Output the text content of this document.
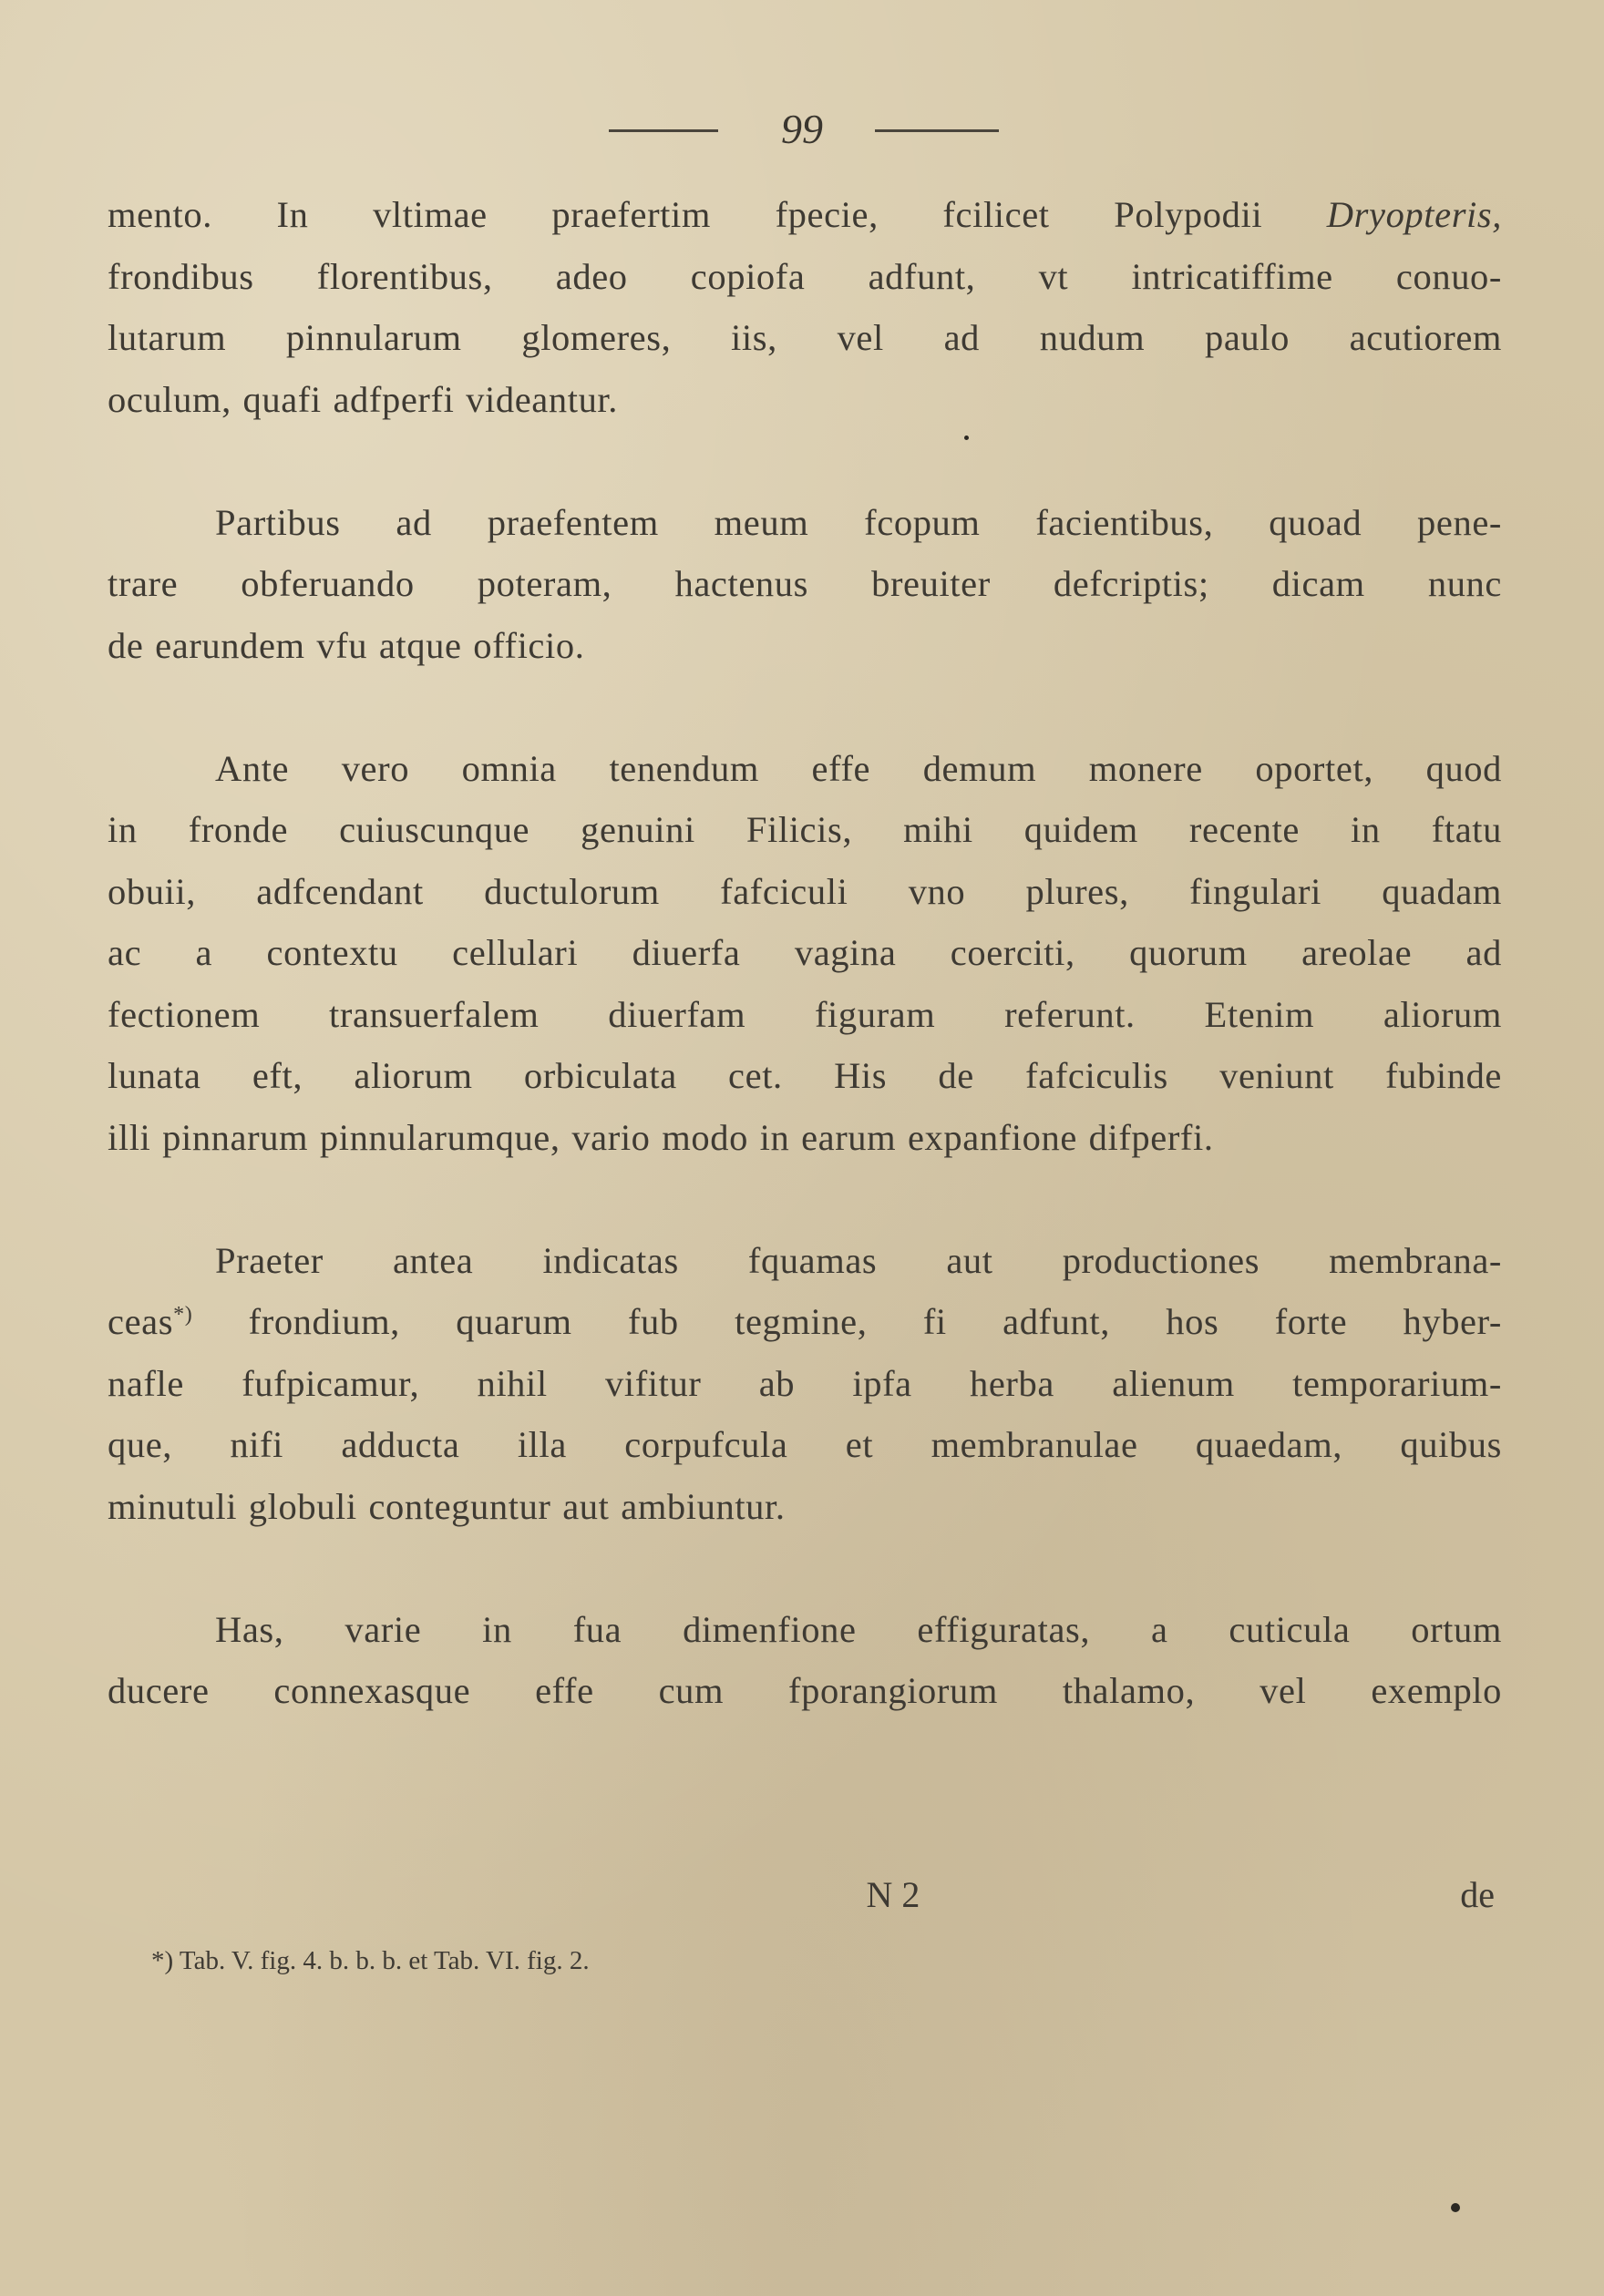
99
mento. In vltimae praefertim fpecie, fcilicet Polypodii Dryopteris,
frondibus florentibus, adeo copiofa adfunt, vt intricatiffime conuo-
lutarum pinnularum glomeres, iis, vel ad nudum paulo acutiorem
oculum, quafi adfperfi videantur.
Partibus ad praefentem meum fcopum facientibus, quoad pene-
trare obferuando poteram, hactenus breuiter defcriptis; dicam nunc
de earundem vfu atque officio.
Ante vero omnia tenendum effe demum monere oportet, quod
in fronde cuiuscunque genuini Filicis, mihi quidem recente in ftatu
obuii, adfcendant ductulorum fafciculi vno plures, fingulari quadam
ac a contextu cellulari diuerfa vagina coerciti, quorum areolae ad
fectionem transuerfalem diuerfam figuram referunt. Etenim aliorum
lunata eft, aliorum orbiculata cet. His de fafciculis veniunt fubinde
illi pinnarum pinnularumque, vario modo in earum expanfione difperfi.
Praeter antea indicatas fquamas aut productiones membrana-
ceas*) frondium, quarum fub tegmine, fi adfunt, hos forte hyber-
nafle fufpicamur, nihil vifitur ab ipfa herba alienum temporarium-
que, nifi adducta illa corpufcula et membranulae quaedam, quibus
minutuli globuli conteguntur aut ambiuntur.
Has, varie in fua dimenfione effiguratas, a cuticula ortum
ducere connexasque effe cum fporangiorum thalamo, vel exemplo
N 2	de
*) Tab. V. fig. 4. b. b. b. et Tab. VI. fig. 2.
